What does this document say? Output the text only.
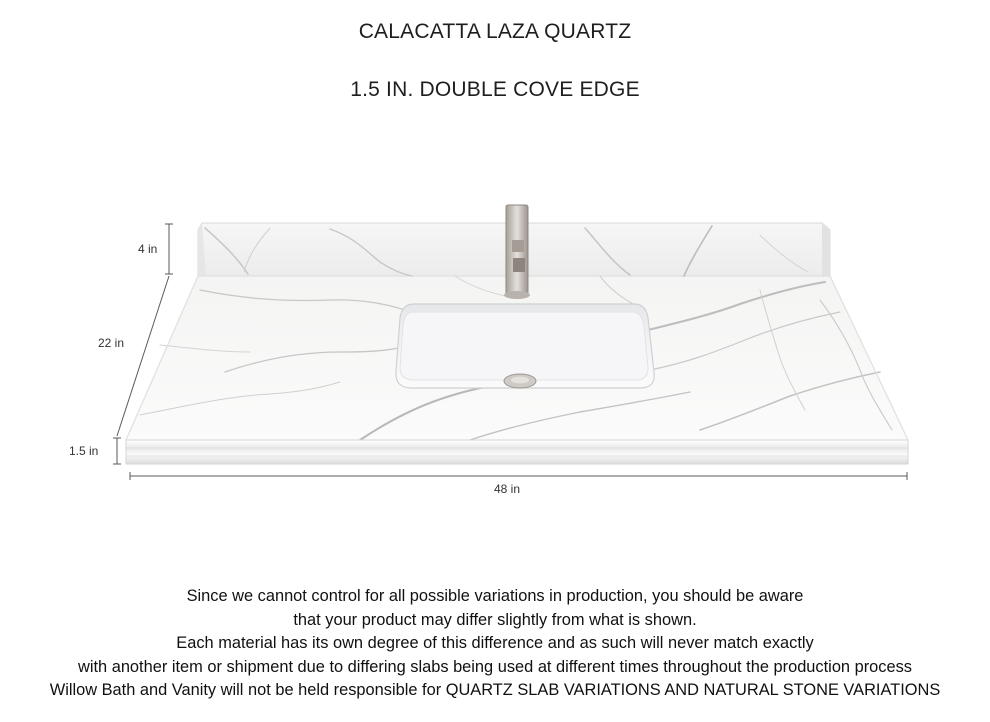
CALACATTA LAZA QUARTZ
1.5 IN. DOUBLE COVE EDGE
4 in
22 in
1.5 in
48 in
Since we cannot control for all possible variations in production, you should be aware
that your product may differ slightly from what is shown.
Each material has its own degree of this difference and as such will never match exactly
with another item or shipment due to differing slabs being used at different times throughout the production process
Willow Bath and Vanity will not be held responsible for QUARTZ SLAB VARIATIONS AND NATURAL STONE VARIATIONS
